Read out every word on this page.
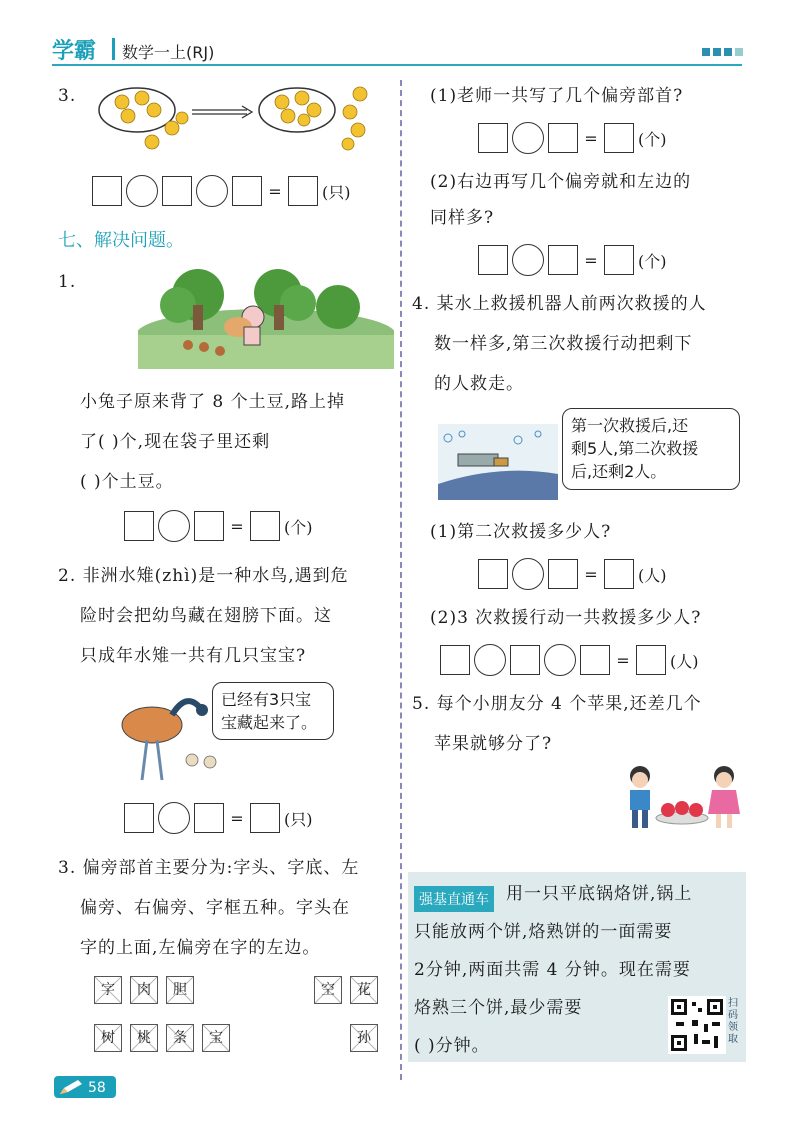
学霸 数学一上(RJ)
3.
=	(只)
七、解决问题。
1.
小兔子原来背了 8 个土豆,路上掉
了( )个,现在袋子里还剩
( )个土豆。
=	(个)
2. 非洲水雉(zhì)是一种水鸟,遇到危
险时会把幼鸟藏在翅膀下面。这
只成年水雉一共有几只宝宝?
已经有3只宝
宝藏起来了。
=	(只)
3. 偏旁部首主要分为:字头、字底、左
偏旁、右偏旁、字框五种。字头在
字的上面,左偏旁在字的左边。
字 肉 胆	空 花
树 桃 条 宝	孙
(1)老师一共写了几个偏旁部首?
=	(个)
(2)右边再写几个偏旁就和左边的
同样多?
=	(个)
4. 某水上救援机器人前两次救援的人
数一样多,第三次救援行动把剩下
的人救走。
第一次救援后,还
剩5人,第二次救援
后,还剩2人。
(1)第二次救援多少人?
=	(人)
(2)3 次救援行动一共救援多少人?
=	(人)
5. 每个小朋友分 4 个苹果,还差几个
苹果就够分了?
强基直通车 用一只平底锅烙饼,锅上
只能放两个饼,烙熟饼的一面需要
2分钟,两面共需 4 分钟。现在需要
烙熟三个饼,最少需要
( )分钟。
扫码领取
58
